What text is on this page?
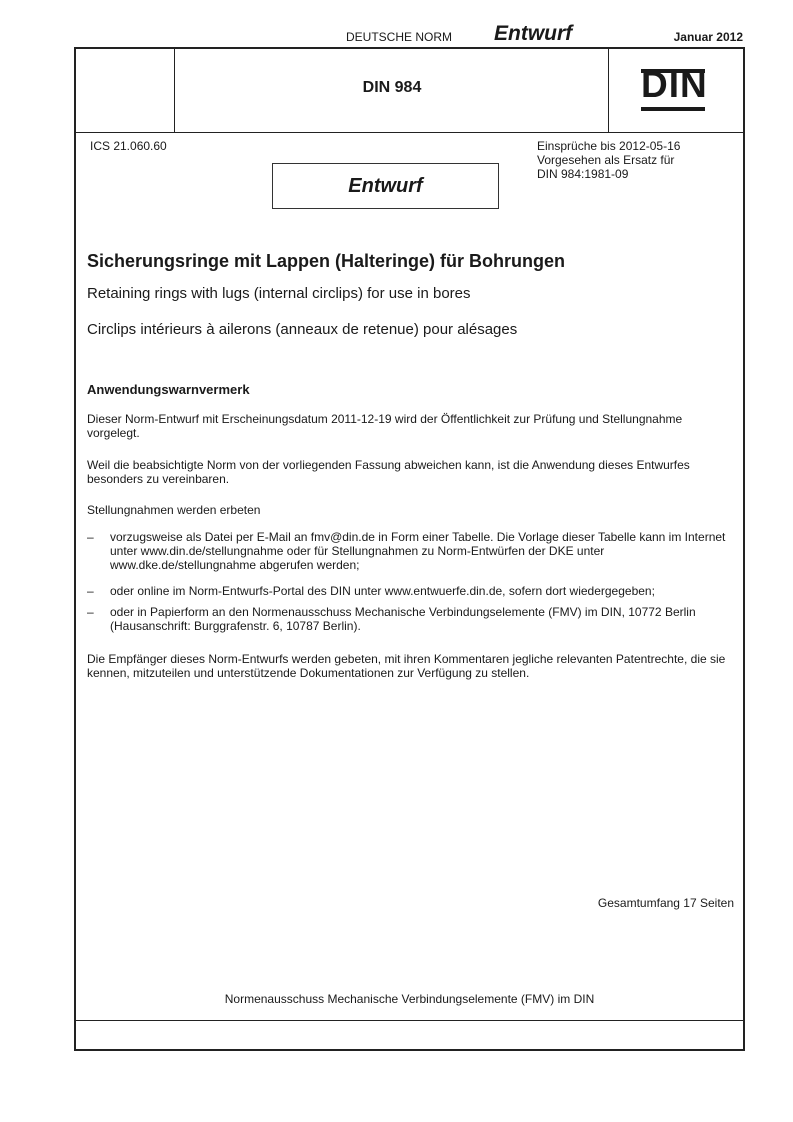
DEUTSCHE NORM Entwurf	Januar 2012
DIN 984	DIN
ICS 21.060.60	Einsprüche bis 2012-05-16
Vorgesehen als Ersatz für
DIN 984:1981-09
Entwurf
Sicherungsringe mit Lappen (Halteringe) für Bohrungen
Retaining rings with lugs (internal circlips) for use in bores
Circlips intérieurs à ailerons (anneaux de retenue) pour alésages
Anwendungswarnvermerk
Dieser Norm-Entwurf mit Erscheinungsdatum 2011-12-19 wird der Öffentlichkeit zur Prüfung und Stellungnahme vorgelegt.
Weil die beabsichtigte Norm von der vorliegenden Fassung abweichen kann, ist die Anwendung dieses Entwurfes besonders zu vereinbaren.
Stellungnahmen werden erbeten
–	vorzugsweise als Datei per E-Mail an fmv@din.de in Form einer Tabelle. Die Vorlage dieser Tabelle kann im Internet unter www.din.de/stellungnahme oder für Stellungnahmen zu Norm-Entwürfen der DKE unter www.dke.de/stellungnahme abgerufen werden;
–	oder online im Norm-Entwurfs-Portal des DIN unter www.entwuerfe.din.de, sofern dort wiedergegeben;
–	oder in Papierform an den Normenausschuss Mechanische Verbindungselemente (FMV) im DIN, 10772 Berlin (Hausanschrift: Burggrafenstr. 6, 10787 Berlin).
Die Empfänger dieses Norm-Entwurfs werden gebeten, mit ihren Kommentaren jegliche relevanten Patentrechte, die sie kennen, mitzuteilen und unterstützende Dokumentationen zur Verfügung zu stellen.
Gesamtumfang 17 Seiten
Normenausschuss Mechanische Verbindungselemente (FMV) im DIN
